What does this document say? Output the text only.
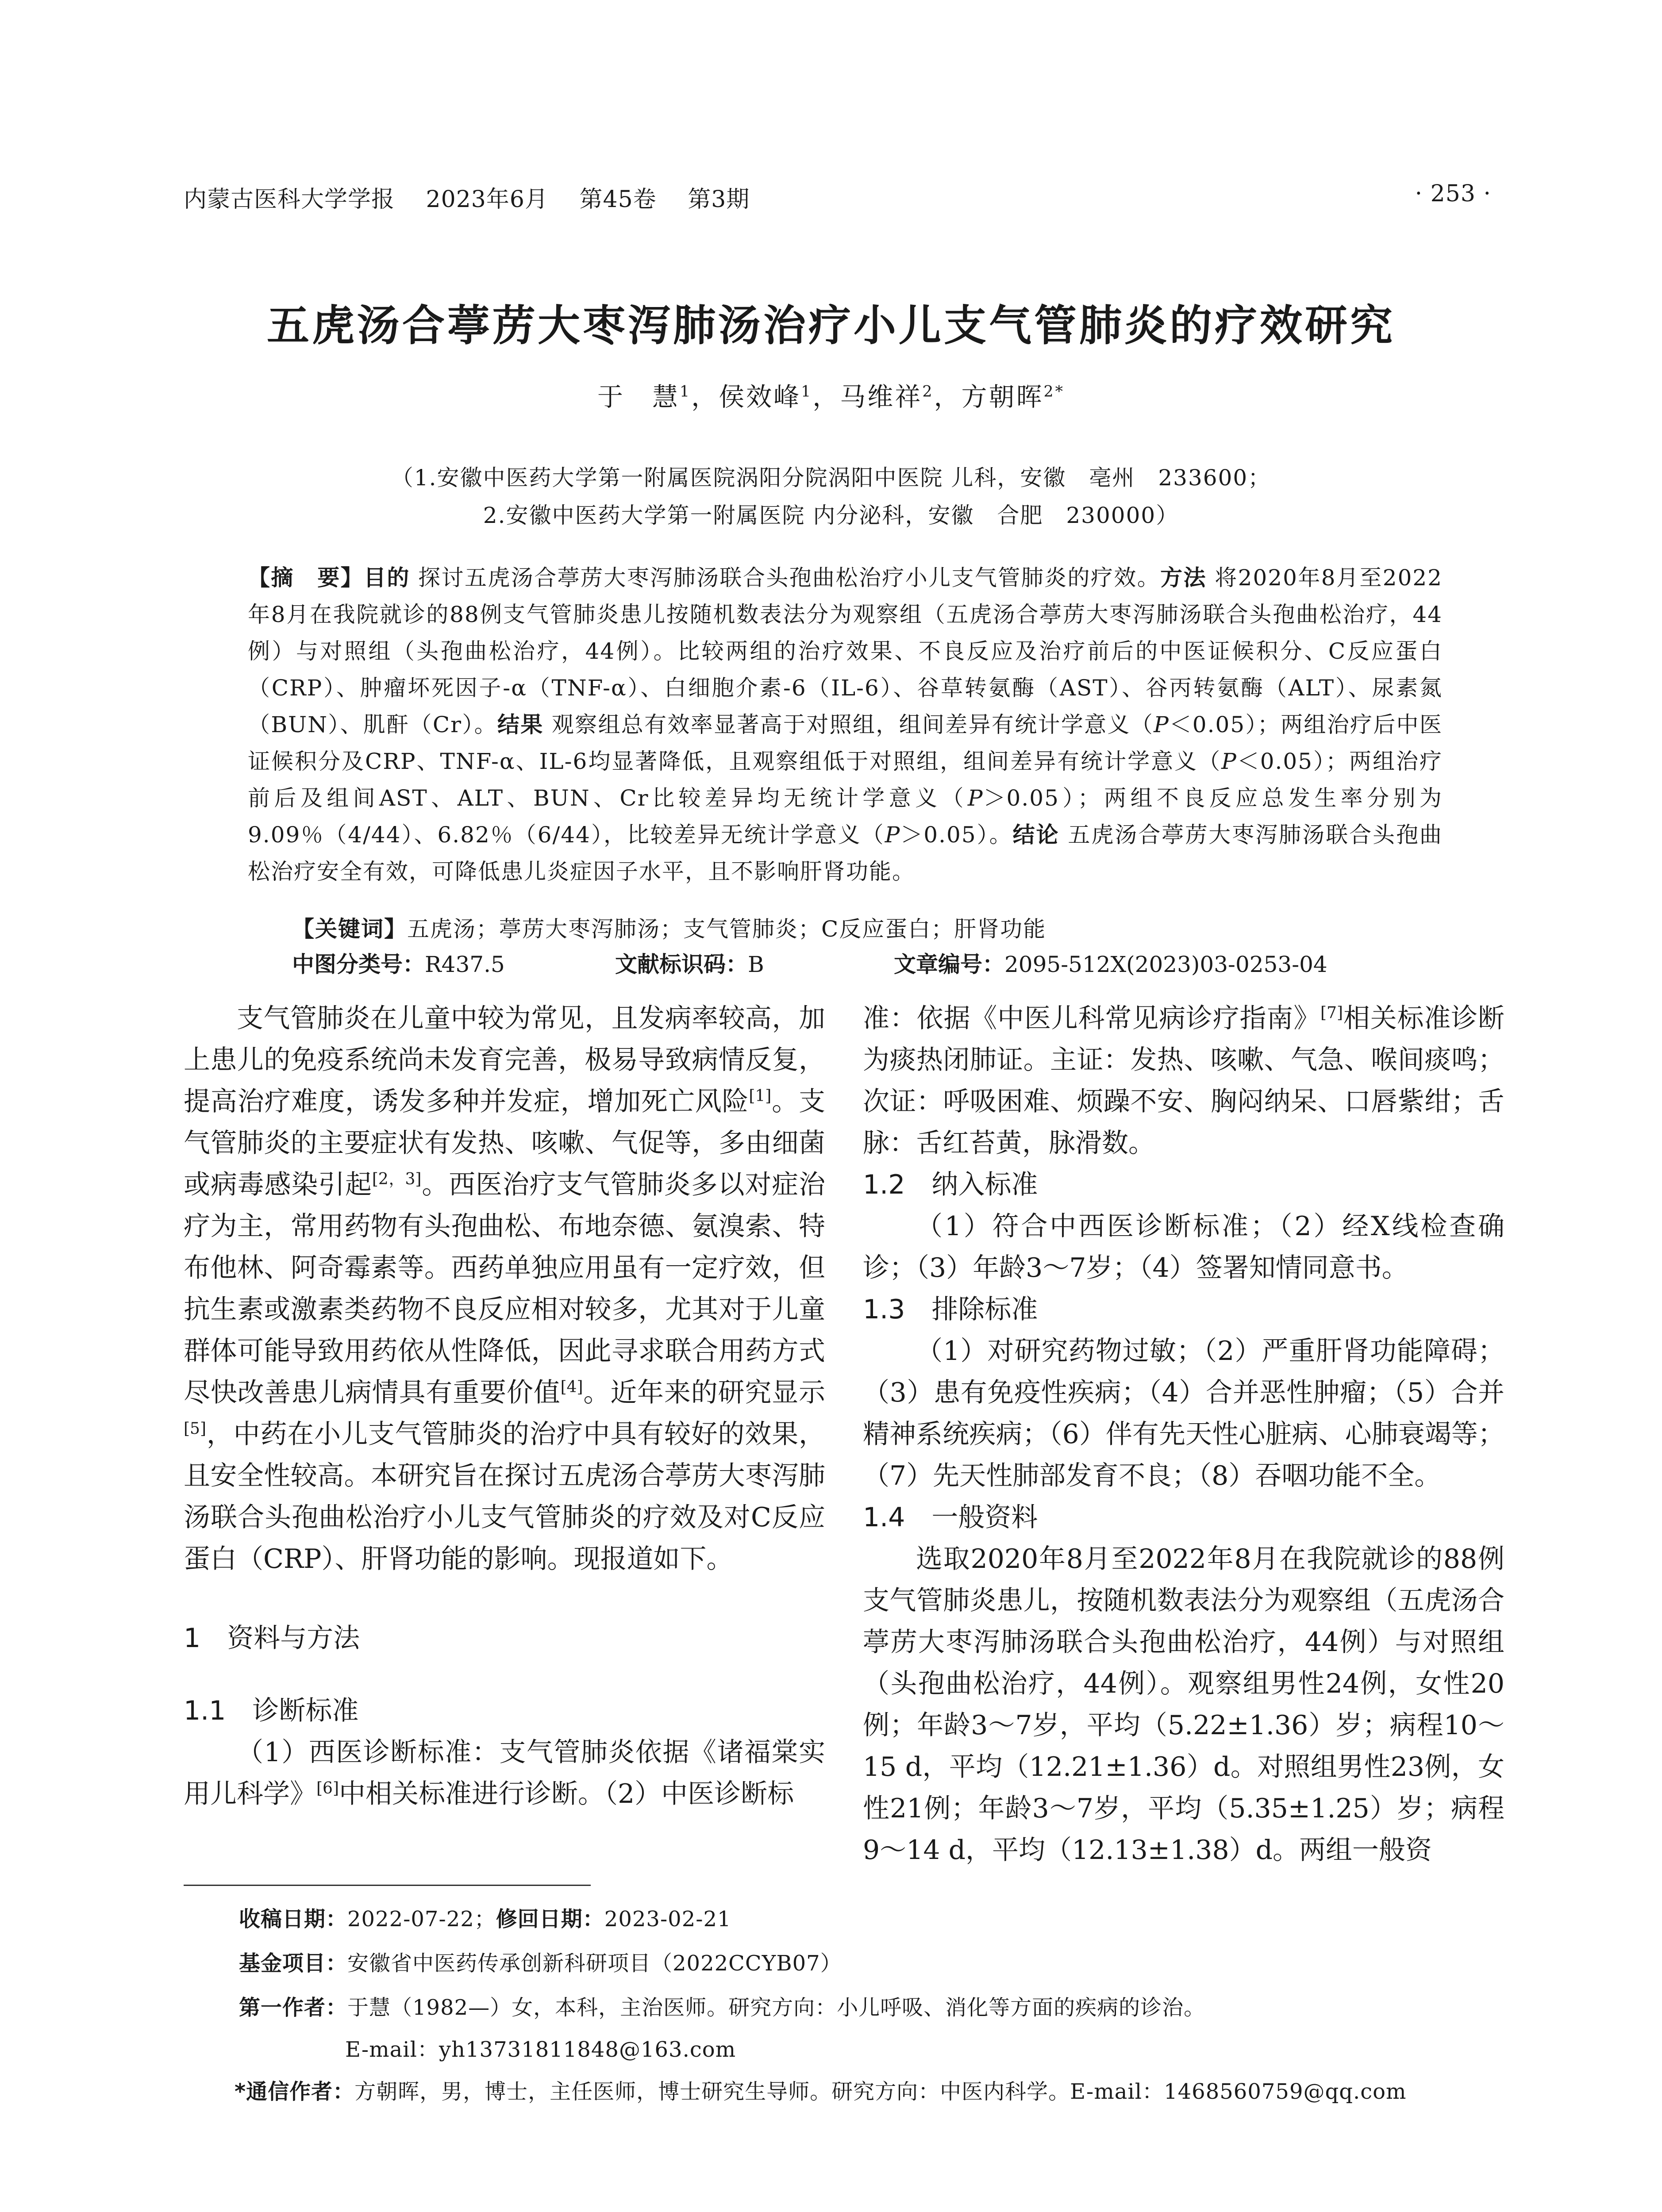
内蒙古医科大学学报　 2023年6月　 第45卷　 第3期	· 253 ·
五虎汤合葶苈大枣泻肺汤治疗小儿支气管肺炎的疗效研究
于　慧$^1$，侯效峰$^1$，马维祥$^2$，方朝晖$^{2*}$
（1.安徽中医药大学第一附属医院涡阳分院涡阳中医院 儿科，安徽　亳州　233600；
2.安徽中医药大学第一附属医院 内分泌科，安徽　合肥　230000）
【摘　要】目的 探讨五虎汤合葶苈大枣泻肺汤联合头孢曲松治疗小儿支气管肺炎的疗效。方法 将2020年8月至2022年8月在我院就诊的88例支气管肺炎患儿按随机数表法分为观察组（五虎汤合葶苈大枣泻肺汤联合头孢曲松治疗，44例）与对照组（头孢曲松治疗，44例）。比较两组的治疗效果、不良反应及治疗前后的中医证候积分、C反应蛋白（CRP）、肿瘤坏死因子-α（TNF-α）、白细胞介素-6（IL-6）、谷草转氨酶（AST）、谷丙转氨酶（ALT）、尿素氮（BUN）、肌酐（Cr）。结果 观察组总有效率显著高于对照组，组间差异有统计学意义（P＜0.05）；两组治疗后中医证候积分及CRP、TNF-α、IL-6均显著降低，且观察组低于对照组，组间差异有统计学意义（P＜0.05）；两组治疗前后及组间AST、ALT、BUN、Cr比较差异均无统计学意义（P＞0.05）；两组不良反应总发生率分别为9.09％（4/44）、6.82％（6/44），比较差异无统计学意义（P＞0.05）。结论 五虎汤合葶苈大枣泻肺汤联合头孢曲松治疗安全有效，可降低患儿炎症因子水平，且不影响肝肾功能。
【关键词】五虎汤；葶苈大枣泻肺汤；支气管肺炎；C反应蛋白；肝肾功能
中图分类号：R437.5	文献标识码：B	文章编号：2095-512X(2023)03-0253-04

支气管肺炎在儿童中较为常见，且发病率较高，加上患儿的免疫系统尚未发育完善，极易导致病情反复，提高治疗难度，诱发多种并发症，增加死亡风险[1]。支气管肺炎的主要症状有发热、咳嗽、气促等，多由细菌或病毒感染引起[2，3]。西医治疗支气管肺炎多以对症治疗为主，常用药物有头孢曲松、布地奈德、氨溴索、特布他林、阿奇霉素等。西药单独应用虽有一定疗效，但抗生素或激素类药物不良反应相对较多，尤其对于儿童群体可能导致用药依从性降低，因此寻求联合用药方式尽快改善患儿病情具有重要价值[4]。近年来的研究显示[5]，中药在小儿支气管肺炎的治疗中具有较好的效果，且安全性较高。本研究旨在探讨五虎汤合葶苈大枣泻肺汤联合头孢曲松治疗小儿支气管肺炎的疗效及对C反应蛋白（CRP）、肝肾功能的影响。现报道如下。

1　资料与方法

1.1　诊断标准

（1）西医诊断标准：支气管肺炎依据《诸福棠实用儿科学》[6]中相关标准进行诊断。（2）中医诊断标

准：依据《中医儿科常见病诊疗指南》[7]相关标准诊断为痰热闭肺证。主证：发热、咳嗽、气急、喉间痰鸣；次证：呼吸困难、烦躁不安、胸闷纳呆、口唇紫绀；舌脉：舌红苔黄，脉滑数。

1.2　纳入标准

（1）符合中西医诊断标准；（2）经X线检查确诊；（3）年龄3～7岁；（4）签署知情同意书。

1.3　排除标准

（1）对研究药物过敏；（2）严重肝肾功能障碍；（3）患有免疫性疾病；（4）合并恶性肿瘤；（5）合并精神系统疾病；（6）伴有先天性心脏病、心肺衰竭等；（7）先天性肺部发育不良；（8）吞咽功能不全。

1.4　一般资料

选取2020年8月至2022年8月在我院就诊的88例支气管肺炎患儿，按随机数表法分为观察组（五虎汤合葶苈大枣泻肺汤联合头孢曲松治疗，44例）与对照组（头孢曲松治疗，44例）。观察组男性24例，女性20例；年龄3～7岁，平均（5.22±1.36）岁；病程10～15 d，平均（12.21±1.36）d。对照组男性23例，女性21例；年龄3～7岁，平均（5.35±1.25）岁；病程9～14 d，平均（12.13±1.38）d。两组一般资

收稿日期：2022-07-22；修回日期：2023-02-21
基金项目：安徽省中医药传承创新科研项目（2022CCYB07）
第一作者：于慧（1982—）女，本科，主治医师。研究方向：小儿呼吸、消化等方面的疾病的诊治。
E-mail：yh13731811848@163.com
*通信作者：方朝晖，男，博士，主任医师，博士研究生导师。研究方向：中医内科学。E-mail：1468560759@qq.com
